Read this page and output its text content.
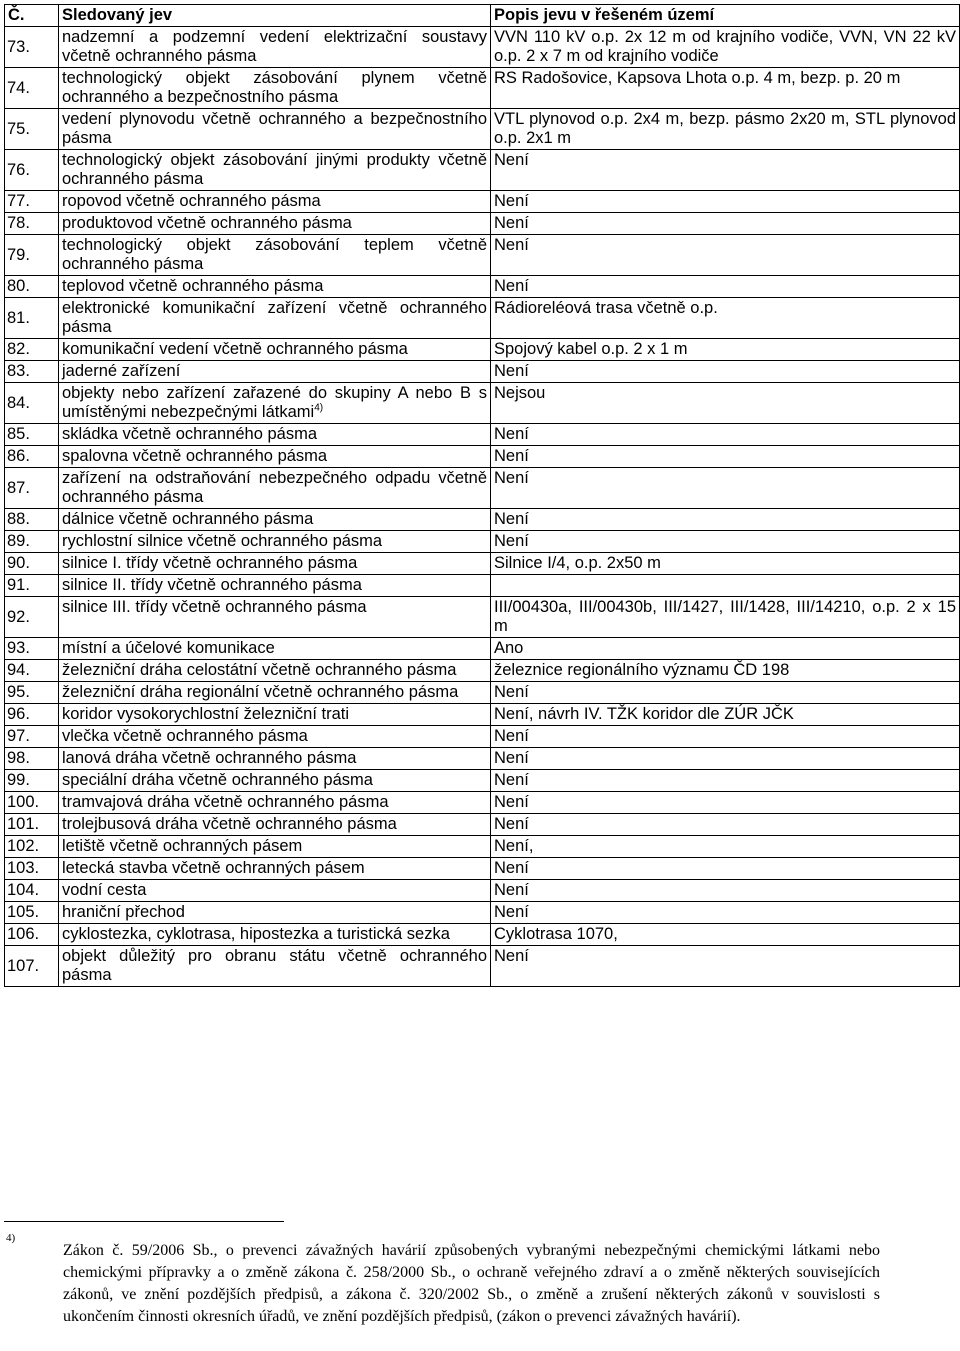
Č.	Sledovaný jev	Popis jevu v řešeném území
73.	nadzemní a podzemní vedení elektrizační soustavy včetně ochranného pásma	VVN 110 kV o.p. 2x 12 m od krajního vodiče, VVN, VN 22 kV o.p. 2 x 7 m od krajního vodiče
74.	technologický objekt zásobování plynem včetně ochranného a bezpečnostního pásma	RS Radošovice, Kapsova Lhota o.p. 4 m, bezp. p. 20 m
75.	vedení plynovodu včetně ochranného a bezpečnostního pásma	VTL plynovod o.p. 2x4 m, bezp. pásmo 2x20 m, STL plynovod o.p. 2x1 m
76.	technologický objekt zásobování jinými produkty včetně ochranného pásma	Není
77.	ropovod včetně ochranného pásma	Není
78.	produktovod včetně ochranného pásma	Není
79.	technologický objekt zásobování teplem včetně ochranného pásma	Není
80.	teplovod včetně ochranného pásma	Není
81.	elektronické komunikační zařízení včetně ochranného pásma	Rádioreléová trasa včetně o.p.
82.	komunikační vedení včetně ochranného pásma	Spojový kabel o.p. 2 x 1 m
83.	jaderné zařízení	Není
84.	objekty nebo zařízení zařazené do skupiny A nebo B s umístěnými nebezpečnými látkami$^{4)}$	Nejsou
85.	skládka včetně ochranného pásma	Není
86.	spalovna včetně ochranného pásma	Není
87.	zařízení na odstraňování nebezpečného odpadu včetně ochranného pásma	Není
88.	dálnice včetně ochranného pásma	Není
89.	rychlostní silnice včetně ochranného pásma	Není
90.	silnice I. třídy včetně ochranného pásma	Silnice I/4, o.p. 2x50 m
91.	silnice II. třídy včetně ochranného pásma	
92.	silnice III. třídy včetně ochranného pásma	III/00430a, III/00430b, III/1427, III/1428, III/14210, o.p. 2 x 15 m
93.	místní a účelové komunikace	Ano
94.	železniční dráha celostátní včetně ochranného pásma	železnice regionálního významu ČD 198
95.	železniční dráha regionální včetně ochranného pásma	Není
96.	koridor vysokorychlostní železniční trati	Není, návrh IV. TŽK koridor dle ZÚR JČK
97.	vlečka včetně ochranného pásma	Není
98.	lanová dráha včetně ochranného pásma	Není
99.	speciální dráha včetně ochranného pásma	Není
100.	tramvajová dráha včetně ochranného pásma	Není
101.	trolejbusová dráha včetně ochranného pásma	Není
102.	letiště včetně ochranných pásem	Není,
103.	letecká stavba včetně ochranných pásem	Není
104.	vodní cesta	Není
105.	hraniční přechod	Není
106.	cyklostezka, cyklotrasa, hipostezka a turistická sezka	Cyklotrasa 1070,
107.	objekt důležitý pro obranu státu včetně ochranného pásma	Není
4)
Zákon č. 59/2006 Sb., o prevenci závažných havárií způsobených vybranými nebezpečnými chemickými látkami nebo chemickými přípravky a o změně zákona č. 258/2000 Sb., o ochraně veřejného zdraví a o změně některých souvisejících zákonů, ve znění pozdějších předpisů, a zákona č. 320/2002 Sb., o změně a zrušení některých zákonů v souvislosti s ukončením činnosti okresních úřadů, ve znění pozdějších předpisů, (zákon o prevenci závažných havárií).
